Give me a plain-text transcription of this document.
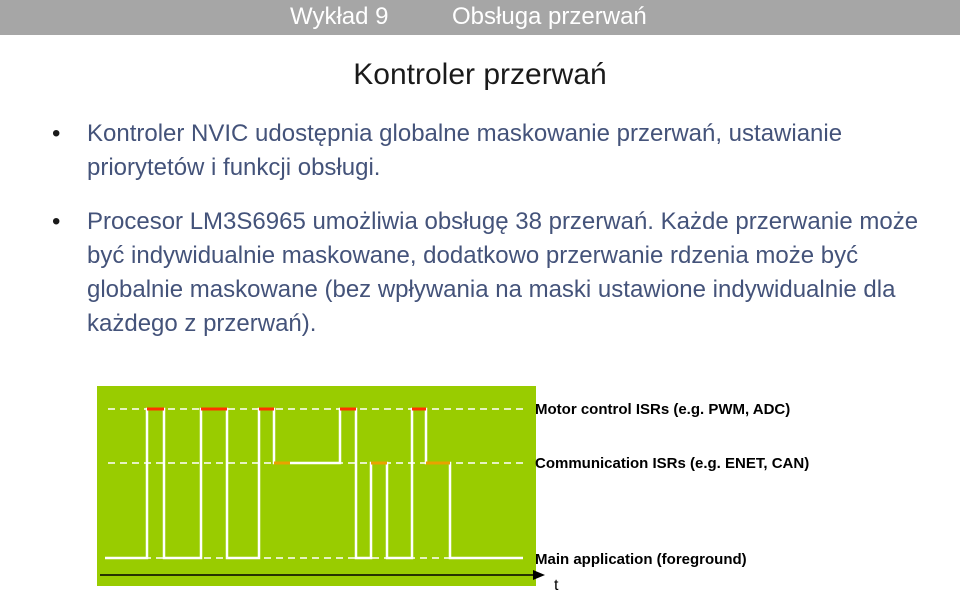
Wykład 9	Obsługa przerwań
Kontroler przerwań
• Kontroler NVIC udostępnia globalne maskowanie przerwań, ustawianie priorytetów i funkcji obsługi.
• Procesor LM3S6965 umożliwia obsługę 38 przerwań. Każde przerwanie może być indywidualnie maskowane, dodatkowo przerwanie rdzenia może być globalnie maskowane (bez wpływania na maski ustawione indywidualnie dla każdego z przerwań).
Motor control ISRs (e.g. PWM, ADC)
Communication ISRs (e.g. ENET, CAN)
Main application (foreground)
t
